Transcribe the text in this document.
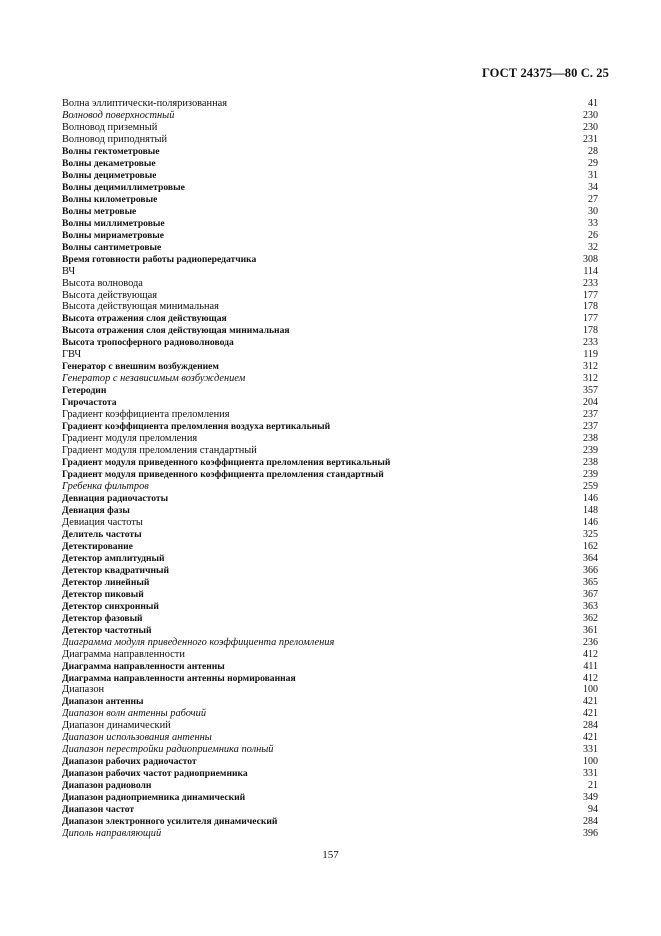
ГОСТ 24375—80 С. 25
Волна эллиптически-поляризованная	41
Волновод поверхностный	230
Волновод приземный	230
Волновод приподнятый	231
Волны гектометровые	28
Волны декаметровые	29
Волны дециметровые	31
Волны децимиллиметровые	34
Волны километровые	27
Волны метровые	30
Волны миллиметровые	33
Волны мириаметровые	26
Волны сантиметровые	32
Время готовности работы радиопередатчика	308
ВЧ	114
Высота волновода	233
Высота действующая	177
Высота действующая минимальная	178
Высота отражения слоя действующая	177
Высота отражения слоя действующая минимальная	178
Высота тропосферного радиоволновода	233
ГВЧ	119
Генератор с внешним возбуждением	312
Генератор с независимым возбуждением	312
Гетеродин	357
Гирочастота	204
Градиент коэффициента преломления	237
Градиент коэффициента преломления воздуха вертикальный	237
Градиент модуля преломления	238
Градиент модуля преломления стандартный	239
Градиент модуля приведенного коэффициента преломления вертикальный	238
Градиент модуля приведенного коэффициента преломления стандартный	239
Гребенка фильтров	259
Девиация радиочастоты	146
Девиация фазы	148
Девиация частоты	146
Делитель частоты	325
Детектирование	162
Детектор амплитудный	364
Детектор квадратичный	366
Детектор линейный	365
Детектор пиковый	367
Детектор синхронный	363
Детектор фазовый	362
Детектор частотный	361
Диаграмма модуля приведенного коэффициента преломления	236
Диаграмма направленности	412
Диаграмма направленности антенны	411
Диаграмма направленности антенны нормированная	412
Диапазон	100
Диапазон антенны	421
Диапазон волн антенны рабочий	421
Диапазон динамический	284
Диапазон использования антенны	421
Диапазон перестройки радиоприемника полный	331
Диапазон рабочих радиочастот	100
Диапазон рабочих частот радиоприемника	331
Диапазон радиоволн	21
Диапазон радиоприемника динамический	349
Диапазон частот	94
Диапазон электронного усилителя динамический	284
Диполь направляющий	396
157
